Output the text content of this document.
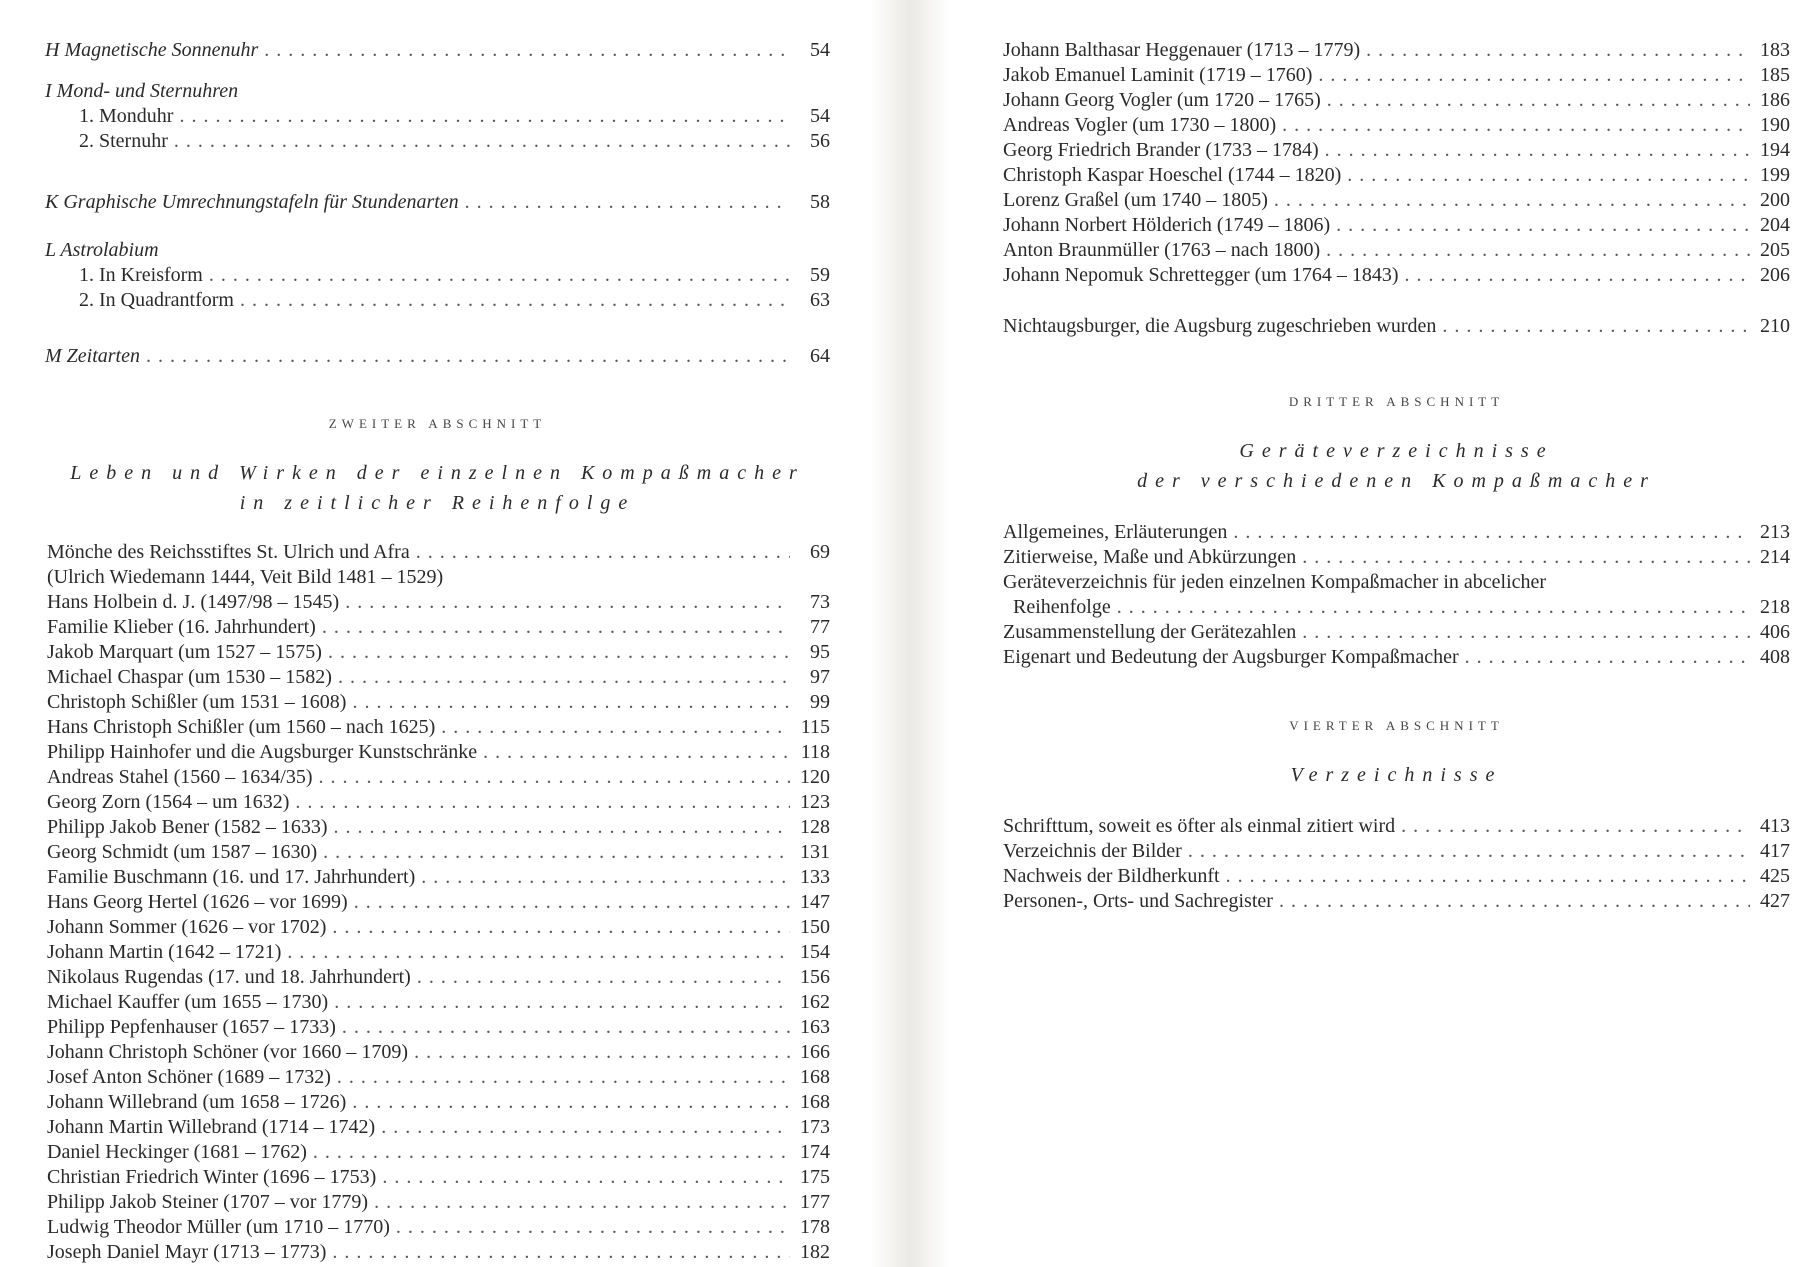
H Magnetische Sonnenuhr . . .	54
I Mond- und Sternuhren
1. Monduhr . . .	54
2. Sternuhr . . .	56
K Graphische Umrechnungstafeln für Stundenarten . . .	58
L Astrolabium
1. In Kreisform . . .	59
2. In Quadrantform . . .	63
M Zeitarten . . .	64
ZWEITER ABSCHNITT
Leben und Wirken der einzelnen Kompaßmacher
in zeitlicher Reihenfolge
Mönche des Reichsstiftes St. Ulrich und Afra . . .	69
(Ulrich Wiedemann 1444, Veit Bild 1481 – 1529)
Hans Holbein d. J. (1497/98 – 1545) . . .	73
Familie Klieber (16. Jahrhundert) . . .	77
Jakob Marquart (um 1527 – 1575) . . .	95
Michael Chaspar (um 1530 – 1582) . . .	97
Christoph Schißler (um 1531 – 1608) . . .	99
Hans Christoph Schißler (um 1560 – nach 1625) . . .	115
Philipp Hainhofer und die Augsburger Kunstschränke . . .	118
Andreas Stahel (1560 – 1634/35) . . .	120
Georg Zorn (1564 – um 1632) . . .	123
Philipp Jakob Bener (1582 – 1633) . . .	128
Georg Schmidt (um 1587 – 1630) . . .	131
Familie Buschmann (16. und 17. Jahrhundert) . . .	133
Hans Georg Hertel (1626 – vor 1699) . . .	147
Johann Sommer (1626 – vor 1702) . . .	150
Johann Martin (1642 – 1721) . . .	154
Nikolaus Rugendas (17. und 18. Jahrhundert) . . .	156
Michael Kauffer (um 1655 – 1730) . . .	162
Philipp Pepfenhauser (1657 – 1733) . . .	163
Johann Christoph Schöner (vor 1660 – 1709) . . .	166
Josef Anton Schöner (1689 – 1732) . . .	168
Johann Willebrand (um 1658 – 1726) . . .	168
Johann Martin Willebrand (1714 – 1742) . . .	173
Daniel Heckinger (1681 – 1762) . . .	174
Christian Friedrich Winter (1696 – 1753) . . .	175
Philipp Jakob Steiner (1707 – vor 1779) . . .	177
Ludwig Theodor Müller (um 1710 – 1770) . . .	178
Joseph Daniel Mayr (1713 – 1773) . . .	182
Johann Balthasar Heggenauer (1713 – 1779) . . .	183
Jakob Emanuel Laminit (1719 – 1760) . . .	185
Johann Georg Vogler (um 1720 – 1765) . . .	186
Andreas Vogler (um 1730 – 1800) . . .	190
Georg Friedrich Brander (1733 – 1784) . . .	194
Christoph Kaspar Hoeschel (1744 – 1820) . . .	199
Lorenz Graßel (um 1740 – 1805) . . .	200
Johann Norbert Hölderich (1749 – 1806) . . .	204
Anton Braunmüller (1763 – nach 1800) . . .	205
Johann Nepomuk Schrettegger (um 1764 – 1843) . . .	206
Nichtaugsburger, die Augsburg zugeschrieben wurden . . .	210
DRITTER ABSCHNITT
Geräteverzeichnisse
der verschiedenen Kompaßmacher
Allgemeines, Erläuterungen . . .	213
Zitierweise, Maße und Abkürzungen . . .	214
Geräteverzeichnis für jeden einzelnen Kompaßmacher in abcelicher
Reihenfolge . . .	218
Zusammenstellung der Gerätezahlen . . .	406
Eigenart und Bedeutung der Augsburger Kompaßmacher . . .	408
VIERTER ABSCHNITT
Verzeichnisse
Schrifttum, soweit es öfter als einmal zitiert wird . . .	413
Verzeichnis der Bilder . . .	417
Nachweis der Bildherkunft . . .	425
Personen-, Orts- und Sachregister . . .	427
